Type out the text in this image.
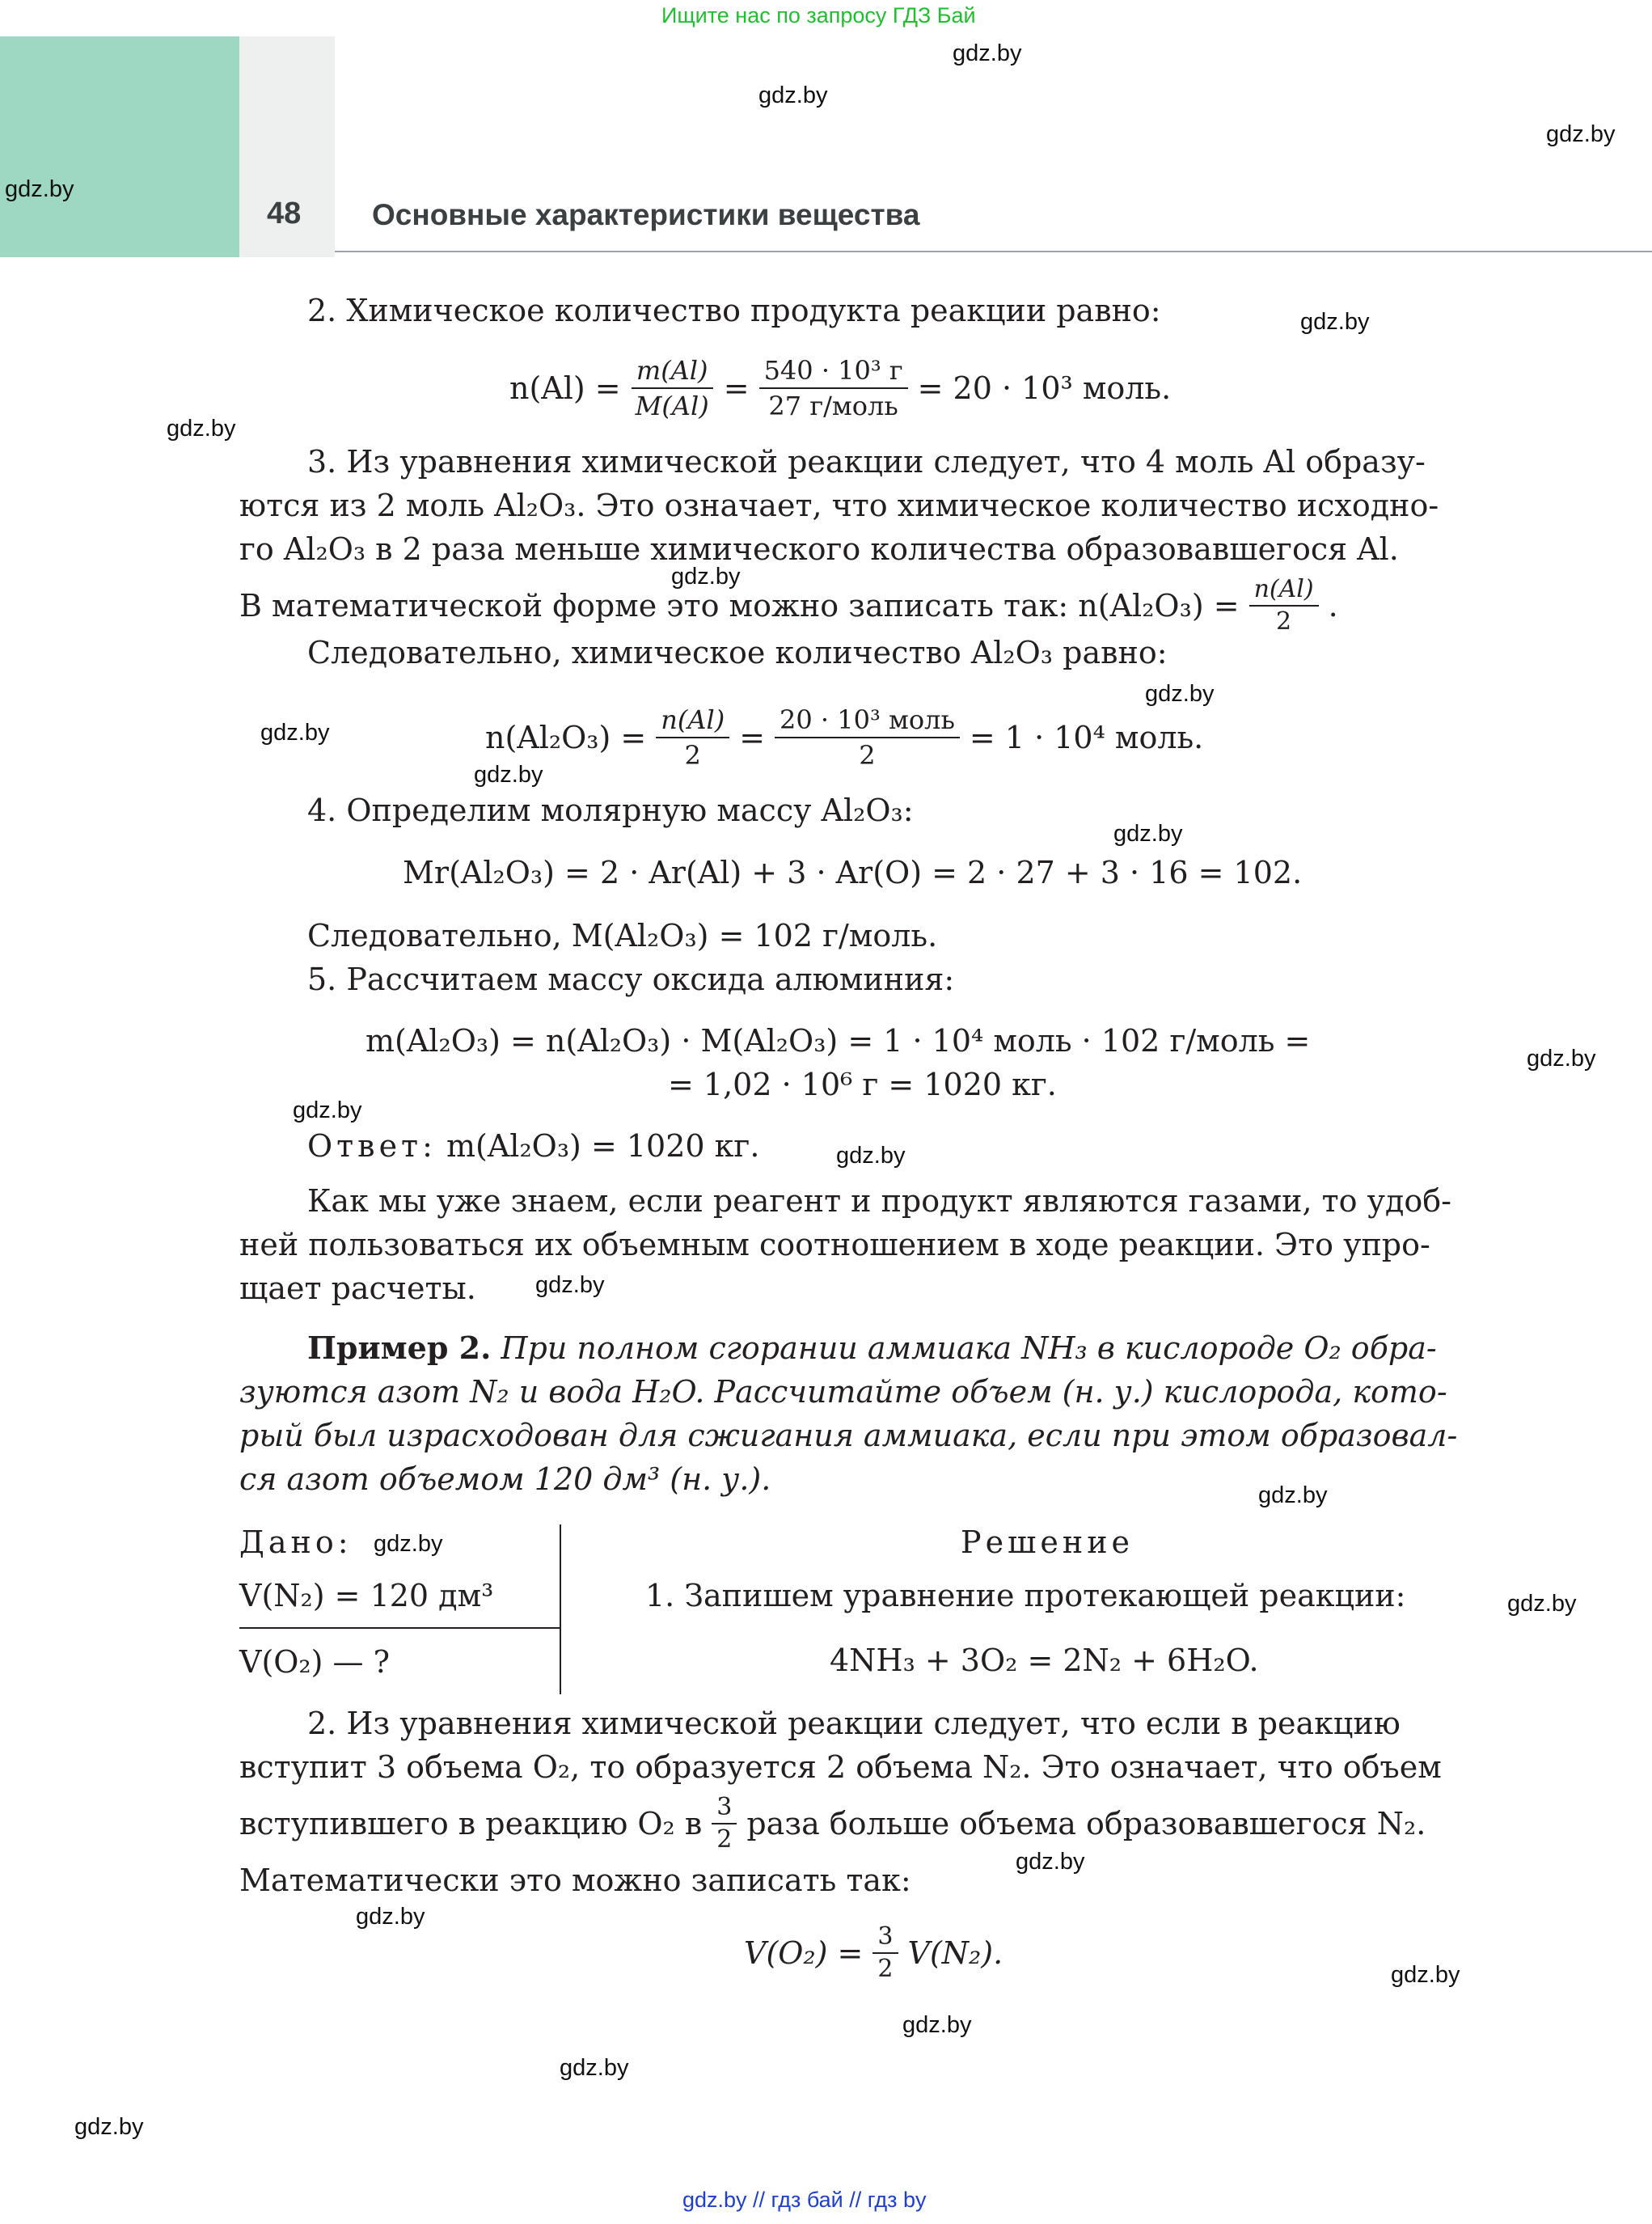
Ищите нас по запросу ГДЗ Бай
48 Основные характеристики вещества
gdz.by
gdz.by
gdz.by
gdz.by
gdz.by
gdz.by
gdz.by
gdz.by
gdz.by
gdz.by
gdz.by
gdz.by
gdz.by
gdz.by
gdz.by
gdz.by
gdz.by
gdz.by
gdz.by
gdz.by
gdz.by
gdz.by
gdz.by
gdz.by
2. Химическое количество продукта реакции равно:
$n(Al) = \frac{m(Al)}{M(Al)} = \frac{\text{540 · 10³ г}}{\text{27 г/моль}} = 20 \cdot 10^3$ моль.
3. Из уравнения химической реакции следует, что 4 моль Al образу-
ются из 2 моль Al₂O₃. Это означает, что химическое количество исходно-
го Al₂O₃ в 2 раза меньше химического количества образовавшегося Al.
В математической форме это можно записать так: $n(Al_2O_3) = \frac{n(Al)}{2}$ .
Следовательно, химическое количество Al₂O₃ равно:
$n(Al_2O_3) = \frac{n(Al)}{2} = \frac{\text{20 · 10³ моль}}{2} = 1 \cdot 10^4$ моль.
4. Определим молярную массу Al₂O₃:
Mr(Al₂O₃) = 2 · Ar(Al) + 3 · Ar(O) = 2 · 27 + 3 · 16 = 102.
Следовательно, M(Al₂O₃) = 102 г/моль.
5. Рассчитаем массу оксида алюминия:
m(Al₂O₃) = n(Al₂O₃) · M(Al₂O₃) = 1 · 10⁴ моль · 102 г/моль =
= 1,02 · 10⁶ г = 1020 кг.
Ответ: m(Al₂O₃) = 1020 кг.
Как мы уже знаем, если реагент и продукт являются газами, то удоб-
ней пользоваться их объемным соотношением в ходе реакции. Это упро-
щает расчеты.
Пример 2. При полном сгорании аммиака NH₃ в кислороде O₂ обра-
зуются азот N₂ и вода H₂O. Рассчитайте объем (н. у.) кислорода, кото-
рый был израсходован для сжигания аммиака, если при этом образовал-
ся азот объемом 120 дм³ (н. у.).
Дано:
V(N₂) = 120 дм³
V(O₂) — ?
Решение
1. Запишем уравнение протекающей реакции:
4NH₃ + 3O₂ = 2N₂ + 6H₂O.
2. Из уравнения химической реакции следует, что если в реакцию
вступит 3 объема O₂, то образуется 2 объема N₂. Это означает, что объем
вступившего в реакцию O₂ в $\frac{3}{2}$ раза больше объема образовавшегося N₂.
Математически это можно записать так:
$V(O_2) = \frac{3}{2} V(N_2)$.
gdz.by // гдз бай // гдз by
